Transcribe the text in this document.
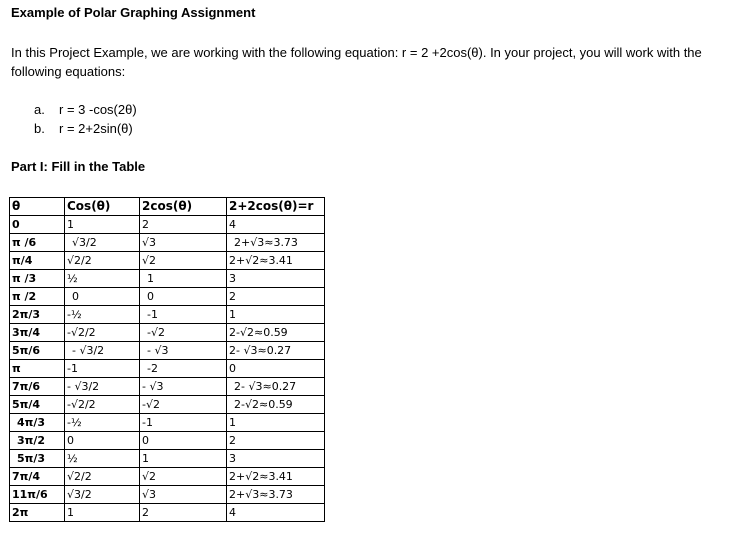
Example of Polar Graphing Assignment
In this Project Example, we are working with the following equation: r = 2 +2cos(θ). In your project, you will work with the following equations:
a. r = 3 -cos(2θ)
b. r = 2+2sin(θ)
Part I: Fill in the Table
θ	Cos(θ)	2cos(θ)	2+2cos(θ)=r
0	1	2	4
π /6	√3/2	√3	2+√3≈3.73
π/4	√2/2	√2	2+√2≈3.41
π /3	½	1	3
π /2	0	0	2
2π/3	-½	-1	1
3π/4	-√2/2	-√2	2-√2≈0.59
5π/6	- √3/2	- √3	2- √3≈0.27
π	-1	-2	0
7π/6	- √3/2	- √3	2- √3≈0.27
5π/4	-√2/2	-√2	2-√2≈0.59
4π/3	-½	-1	1
3π/2	0	0	2
5π/3	½	1	3
7π/4	√2/2	√2	2+√2≈3.41
11π/6	√3/2	√3	2+√3≈3.73
2π	1	2	4
